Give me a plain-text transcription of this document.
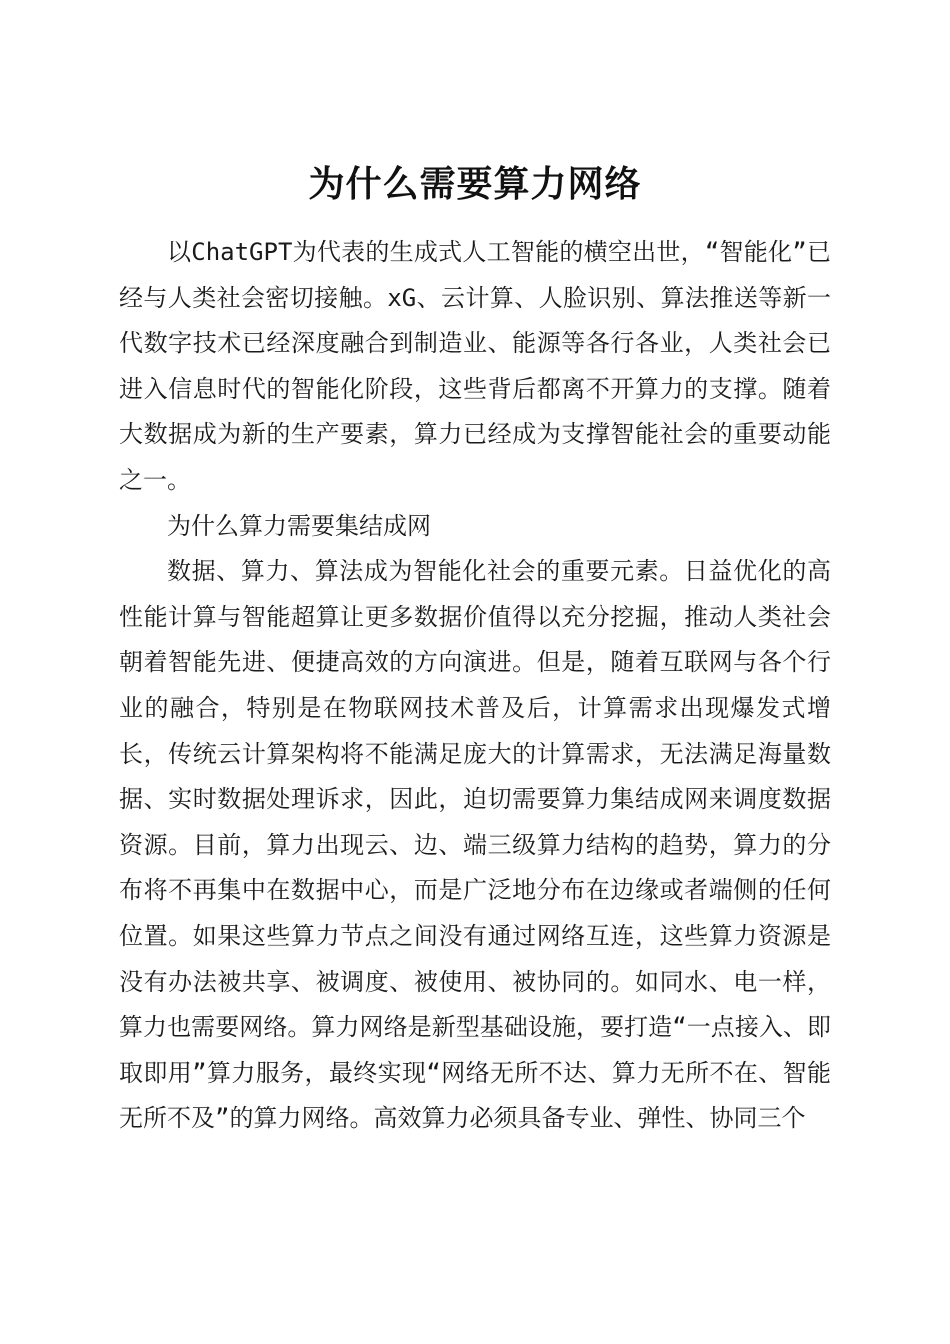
为什么需要算力网络

以ChatGPT为代表的生成式人工智能的横空出世，“智能化”已经与人类社会密切接触。xG、云计算、人脸识别、算法推送等新一代数字技术已经深度融合到制造业、能源等各行各业，人类社会已进入信息时代的智能化阶段，这些背后都离不开算力的支撑。随着大数据成为新的生产要素，算力已经成为支撑智能社会的重要动能之一。

为什么算力需要集结成网

数据、算力、算法成为智能化社会的重要元素。日益优化的高性能计算与智能超算让更多数据价值得以充分挖掘，推动人类社会朝着智能先进、便捷高效的方向演进。但是，随着互联网与各个行业的融合，特别是在物联网技术普及后，计算需求出现爆发式增长，传统云计算架构将不能满足庞大的计算需求，无法满足海量数据、实时数据处理诉求，因此，迫切需要算力集结成网来调度数据资源。目前，算力出现云、边、端三级算力结构的趋势，算力的分布将不再集中在数据中心，而是广泛地分布在边缘或者端侧的任何位置。如果这些算力节点之间没有通过网络互连，这些算力资源是没有办法被共享、被调度、被使用、被协同的。如同水、电一样，算力也需要网络。算力网络是新型基础设施，要打造“一点接入、即取即用”算力服务，最终实现“网络无所不达、算力无所不在、智能无所不及”的算力网络。高效算力必须具备专业、弹性、协同三个
